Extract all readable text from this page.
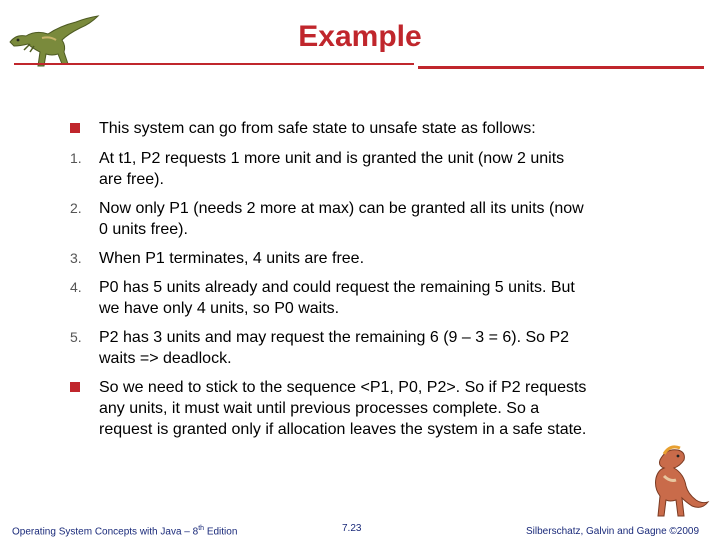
Example
This system can go from safe state to unsafe state as follows:
1. At t1, P2 requests 1 more unit and is granted the unit (now 2 units are free).
2. Now only P1 (needs 2 more at max) can be granted all its units (now 0 units free).
3. When P1 terminates, 4 units are free.
4. P0 has 5 units already and could request the remaining 5 units. But we have only 4 units, so P0 waits.
5. P2 has 3 units and may request the remaining 6 (9 – 3 = 6). So P2 waits => deadlock.
So we need to stick to the sequence <P1, P0, P2>. So if P2 requests any units, it must wait until previous processes complete. So a request is granted only if allocation leaves the system in a safe state.
Operating System Concepts with Java – 8th Edition	7.23	Silberschatz, Galvin and Gagne ©2009
